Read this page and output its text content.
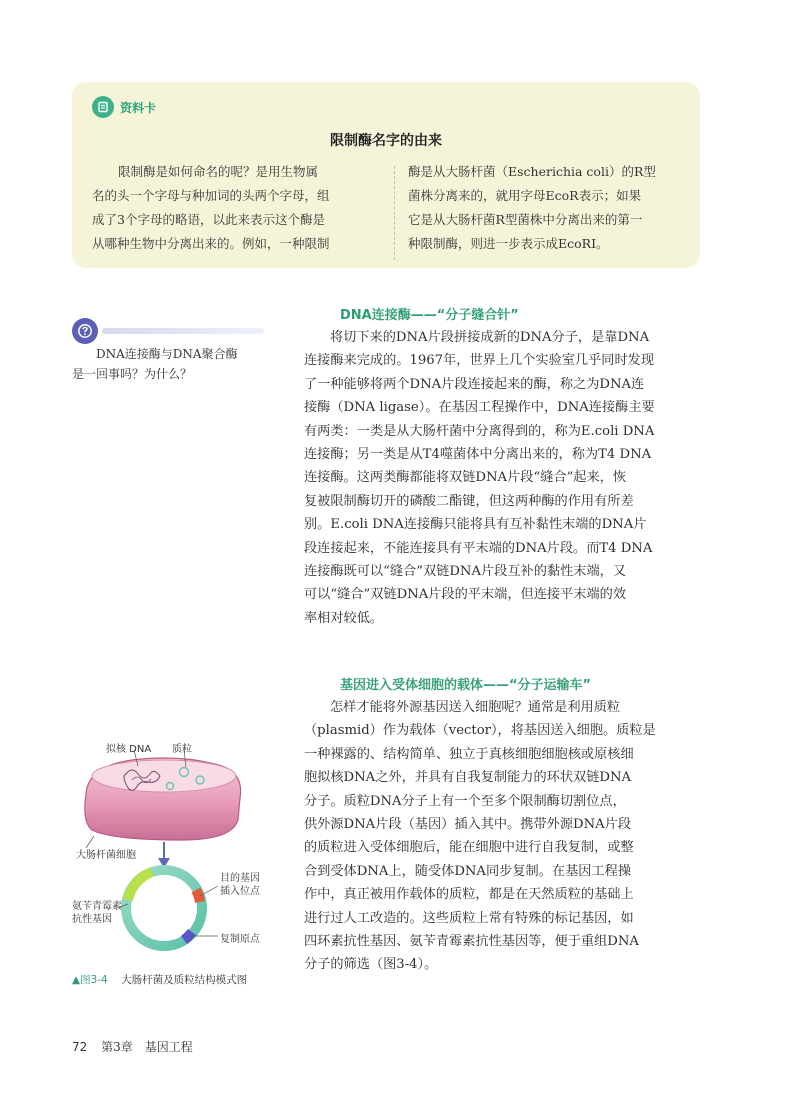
资料卡
限制酶名字的由来
限制酶是如何命名的呢？是用生物属
名的头一个字母与种加词的头两个字母，组
成了3个字母的略语，以此来表示这个酶是
从哪种生物中分离出来的。例如，一种限制
酶是从大肠杆菌（Escherichia coli）的R型
菌株分离来的，就用字母EcoR表示；如果
它是从大肠杆菌R型菌株中分离出来的第一
种限制酶，则进一步表示成EcoRⅠ。
DNA连接酶与DNA聚合酶
是一回事吗？为什么？
DNA连接酶——“分子缝合针”
将切下来的DNA片段拼接成新的DNA分子，是靠DNA
连接酶来完成的。1967年，世界上几个实验室几乎同时发现
了一种能够将两个DNA片段连接起来的酶，称之为DNA连
接酶（DNA ligase）。在基因工程操作中，DNA连接酶主要
有两类：一类是从大肠杆菌中分离得到的，称为E.coli DNA
连接酶；另一类是从T4噬菌体中分离出来的，称为T4 DNA
连接酶。这两类酶都能将双链DNA片段“缝合”起来，恢
复被限制酶切开的磷酸二酯键，但这两种酶的作用有所差
别。E.coli DNA连接酶只能将具有互补黏性末端的DNA片
段连接起来，不能连接具有平末端的DNA片段。而T4 DNA
连接酶既可以“缝合”双链DNA片段互补的黏性末端，又
可以“缝合”双链DNA片段的平末端，但连接平末端的效
率相对较低。
基因进入受体细胞的载体——“分子运输车”
怎样才能将外源基因送入细胞呢？通常是利用质粒
（plasmid）作为载体（vector），将基因送入细胞。质粒是
一种裸露的、结构简单、独立于真核细胞细胞核或原核细
胞拟核DNA之外，并具有自我复制能力的环状双链DNA
分子。质粒DNA分子上有一个至多个限制酶切割位点，
供外源DNA片段（基因）插入其中。携带外源DNA片段
的质粒进入受体细胞后，能在细胞中进行自我复制，或整
合到受体DNA上，随受体DNA同步复制。在基因工程操
作中，真正被用作载体的质粒，都是在天然质粒的基础上
进行过人工改造的。这些质粒上常有特殊的标记基因，如
四环素抗性基因、氨苄青霉素抗性基因等，便于重组DNA
分子的筛选（图3-4）。
拟核 DNA 质粒
大肠杆菌细胞
目的基因
插入位点
氨苄青霉素
抗性基因
复制原点
▲图3-4 大肠杆菌及质粒结构模式图
72 第3章　基因工程
